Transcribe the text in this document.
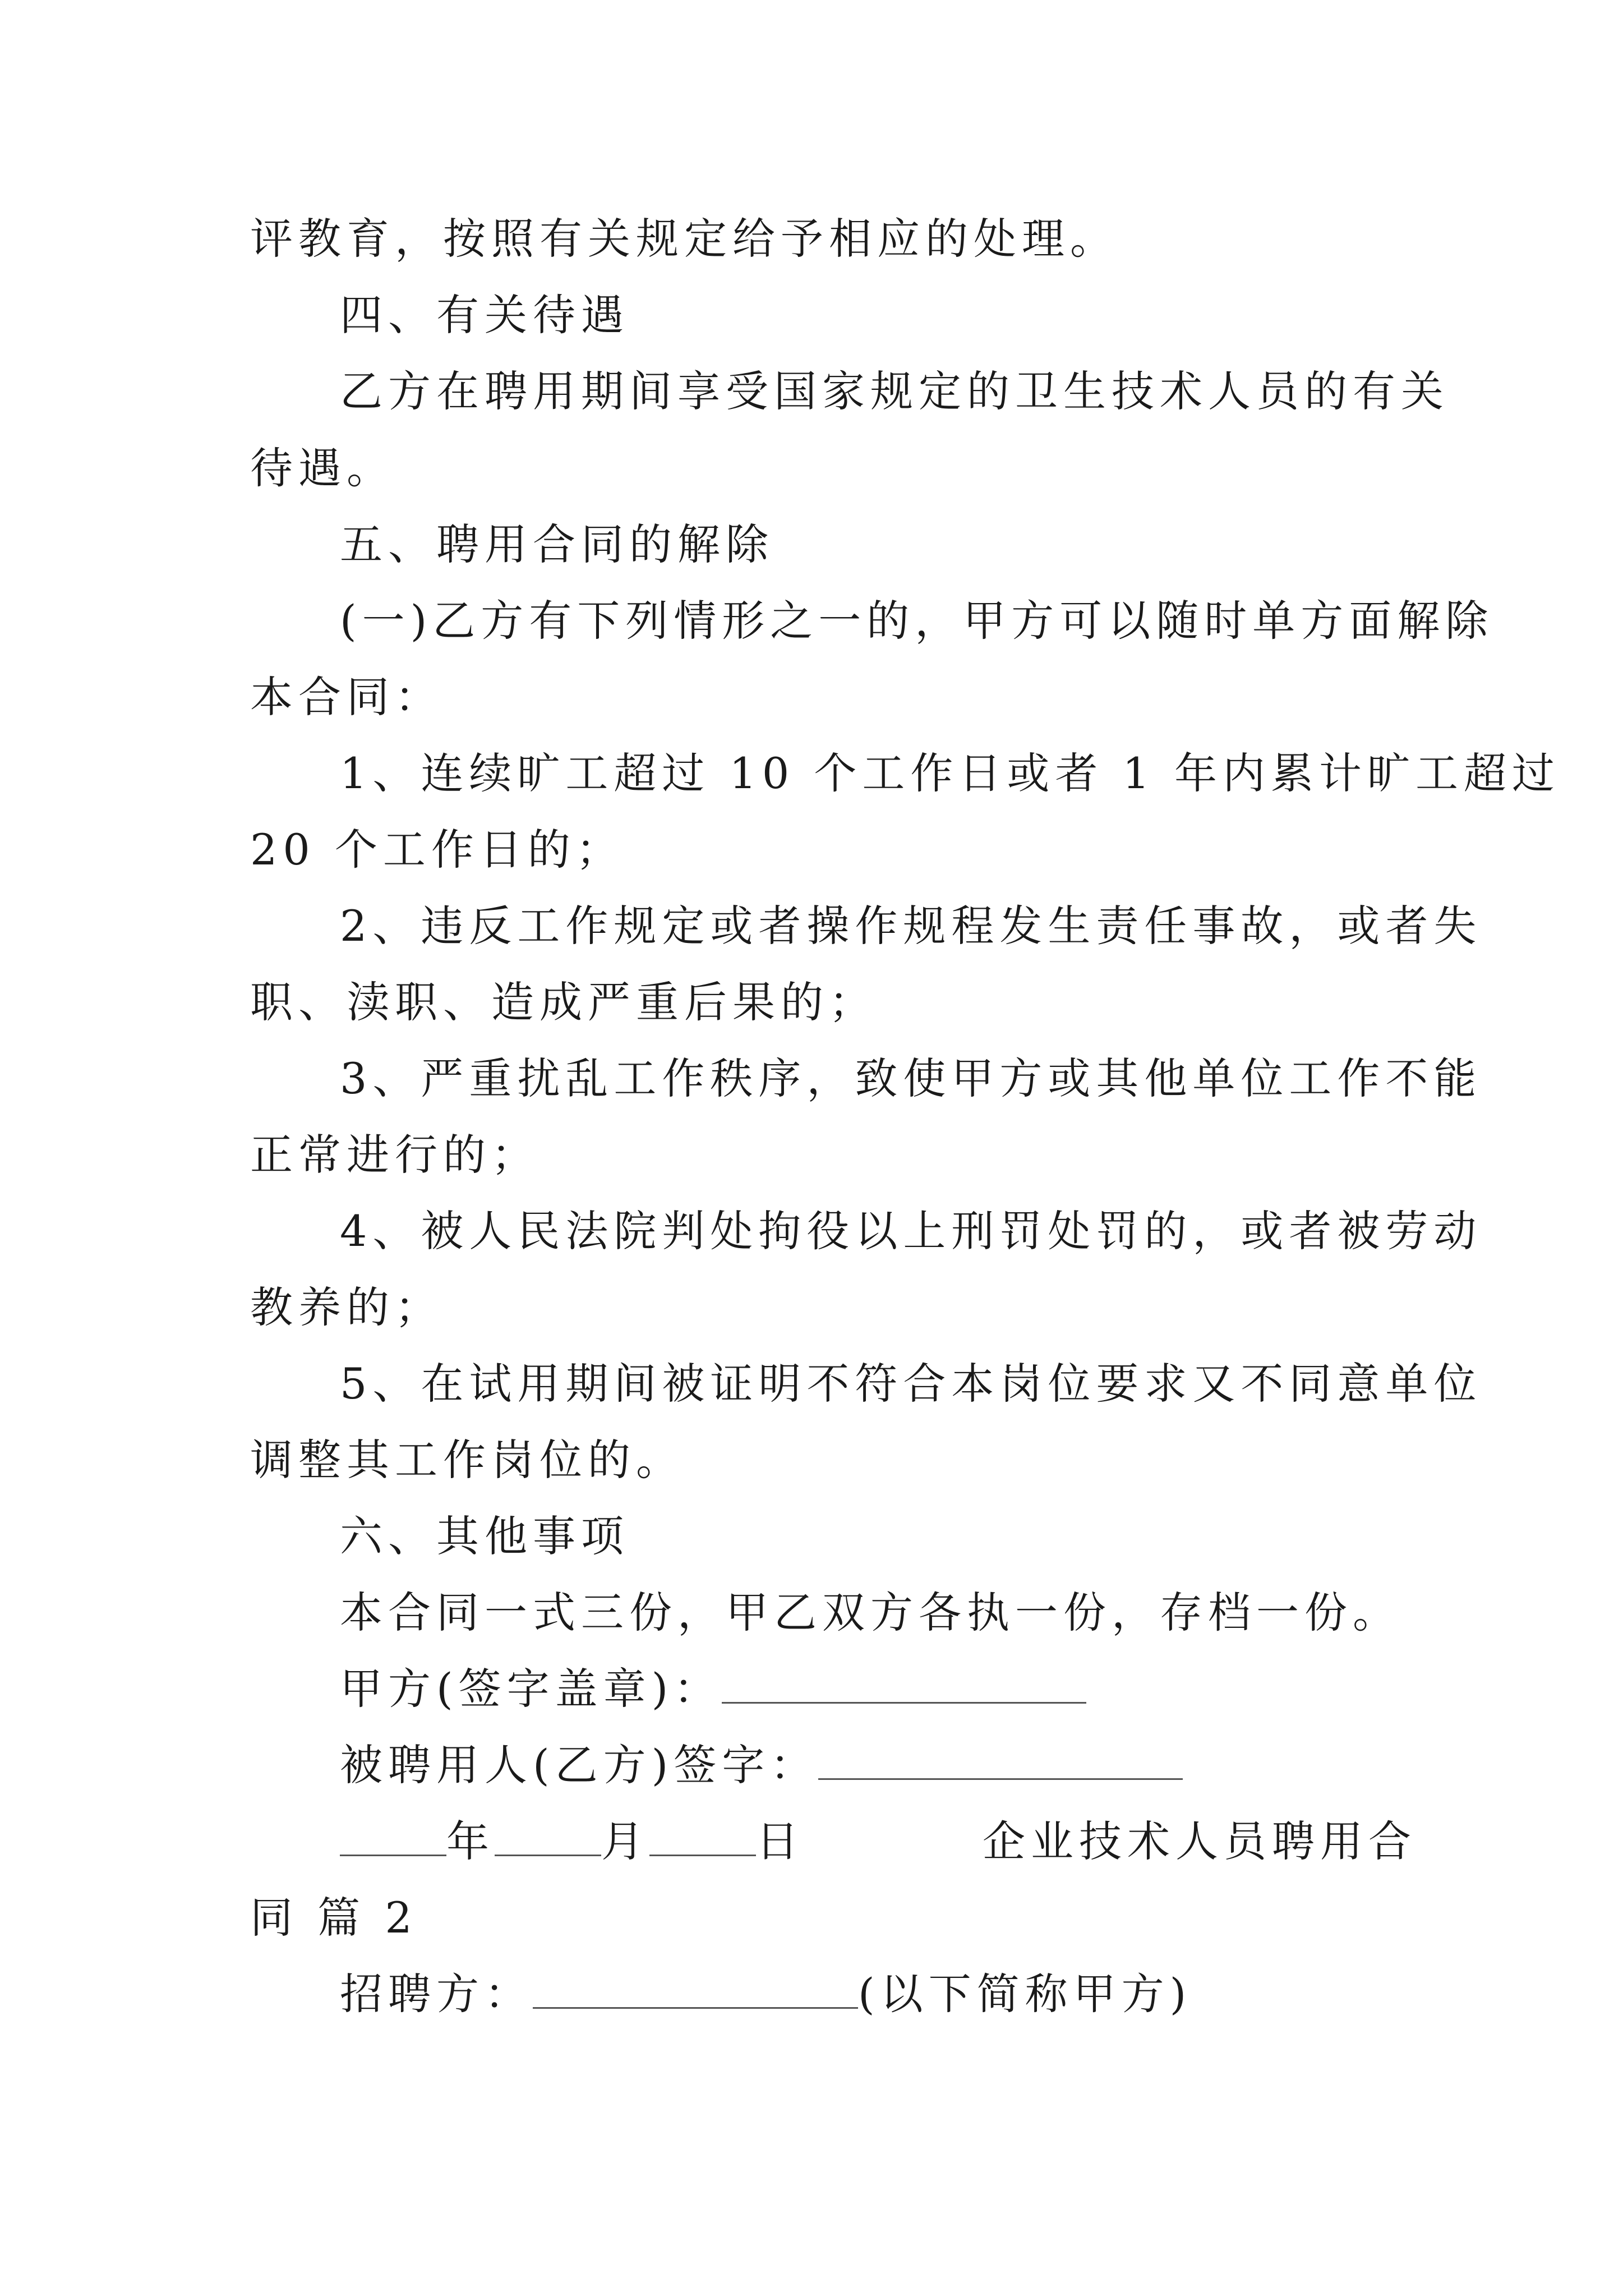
评教育，按照有关规定给予相应的处理。
四、有关待遇
乙方在聘用期间享受国家规定的卫生技术人员的有关
待遇。
五、聘用合同的解除
(一)乙方有下列情形之一的，甲方可以随时单方面解除
本合同：
1、连续旷工超过 10 个工作日或者 1 年内累计旷工超过
20 个工作日的；
2、违反工作规定或者操作规程发生责任事故，或者失
职、渎职、造成严重后果的；
3、严重扰乱工作秩序，致使甲方或其他单位工作不能
正常进行的；
4、被人民法院判处拘役以上刑罚处罚的，或者被劳动
教养的；
5、在试用期间被证明不符合本岗位要求又不同意单位
调整其工作岗位的。
六、其他事项
本合同一式三份，甲乙双方各执一份，存档一份。
甲方(签字盖章)：
被聘用人(乙方)签字：
年	月	日	企业技术人员聘用合
同 篇 2
招聘方：	(以下简称甲方)
